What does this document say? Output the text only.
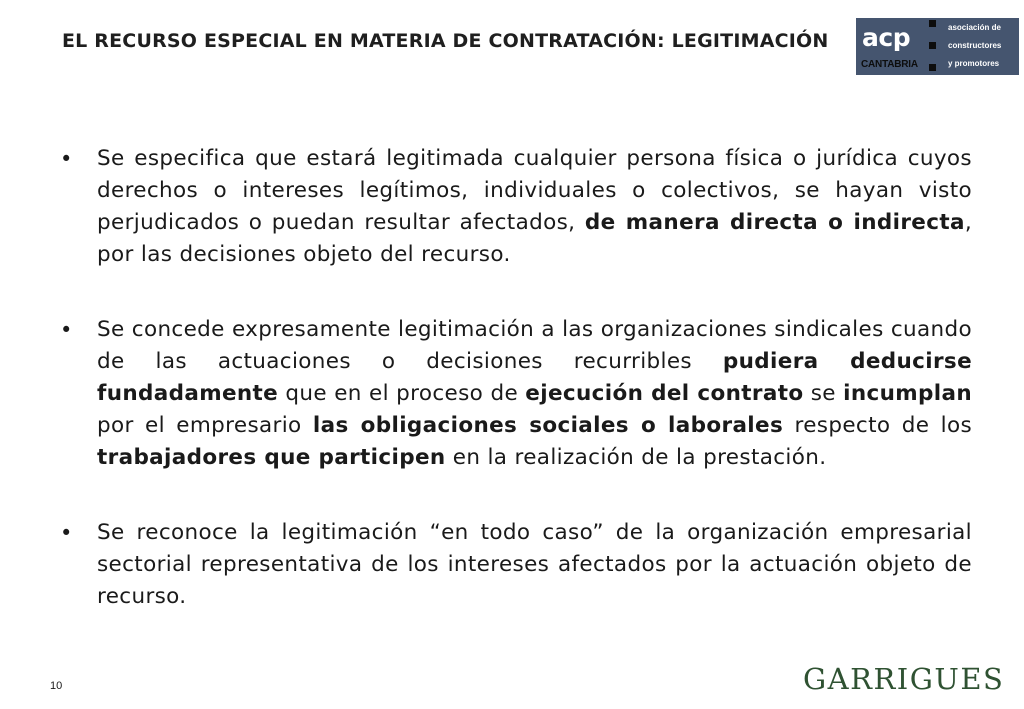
EL RECURSO ESPECIAL EN MATERIA DE CONTRATACIÓN: LEGITIMACIÓN acp
CANTABRIA
asociación de
constructores
y promotores
•	Se especifica que estará legitimada cualquier persona física o jurídica cuyos derechos o intereses legítimos, individuales o colectivos, se hayan visto perjudicados o puedan resultar afectados, de manera directa o indirecta, por las decisiones objeto del recurso.
•	Se concede expresamente legitimación a las organizaciones sindicales cuando de las actuaciones o decisiones recurribles pudiera deducirse fundadamente que en el proceso de ejecución del contrato se incumplan por el empresario las obligaciones sociales o laborales respecto de los trabajadores que participen en la realización de la prestación.
•	Se reconoce la legitimación “en todo caso” de la organización empresarial sectorial representativa de los intereses afectados por la actuación objeto de recurso.
10	GARRIGUES
